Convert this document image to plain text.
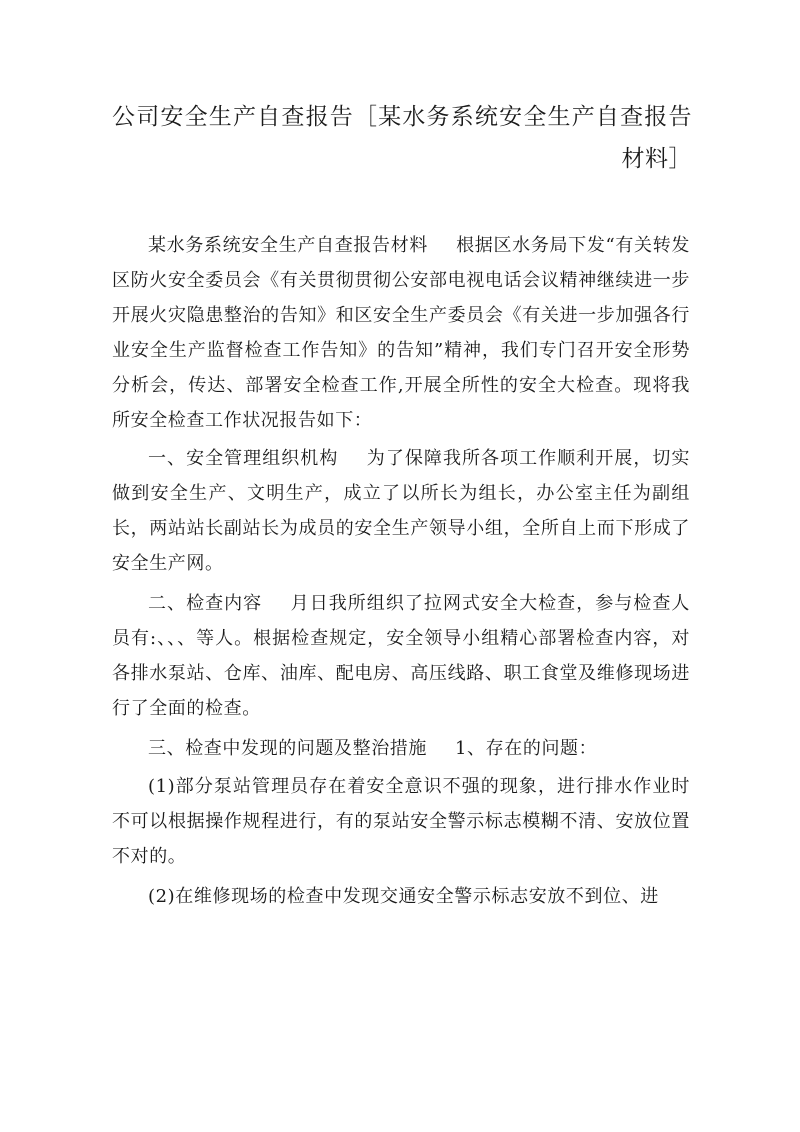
公司安全生产自查报告［某水务系统安全生产自查报告材料］

某水务系统安全生产自查报告材料 根据区水务局下发“有关转发区防火安全委员会《有关贯彻贯彻公安部电视电话会议精神继续进一步开展火灾隐患整治的告知》和区安全生产委员会《有关进一步加强各行业安全生产监督检查工作告知》的告知”精神，我们专门召开安全形势分析会，传达、部署安全检查工作,开展全所性的安全大检查。现将我所安全检查工作状况报告如下：

一、安全管理组织机构 为了保障我所各项工作顺利开展，切实做到安全生产、文明生产，成立了以所长为组长，办公室主任为副组长，两站站长副站长为成员的安全生产领导小组，全所自上而下形成了安全生产网。

二、检查内容 月日我所组织了拉网式安全大检查，参与检查人员有:、、、等人。根据检查规定，安全领导小组精心部署检查内容，对各排水泵站、仓库、油库、配电房、高压线路、职工食堂及维修现场进行了全面的检查。

三、检查中发现的问题及整治措施 1、存在的问题：

(1)部分泵站管理员存在着安全意识不强的现象，进行排水作业时不可以根据操作规程进行，有的泵站安全警示标志模糊不清、安放位置不对的。

(2)在维修现场的检查中发现交通安全警示标志安放不到位、进
